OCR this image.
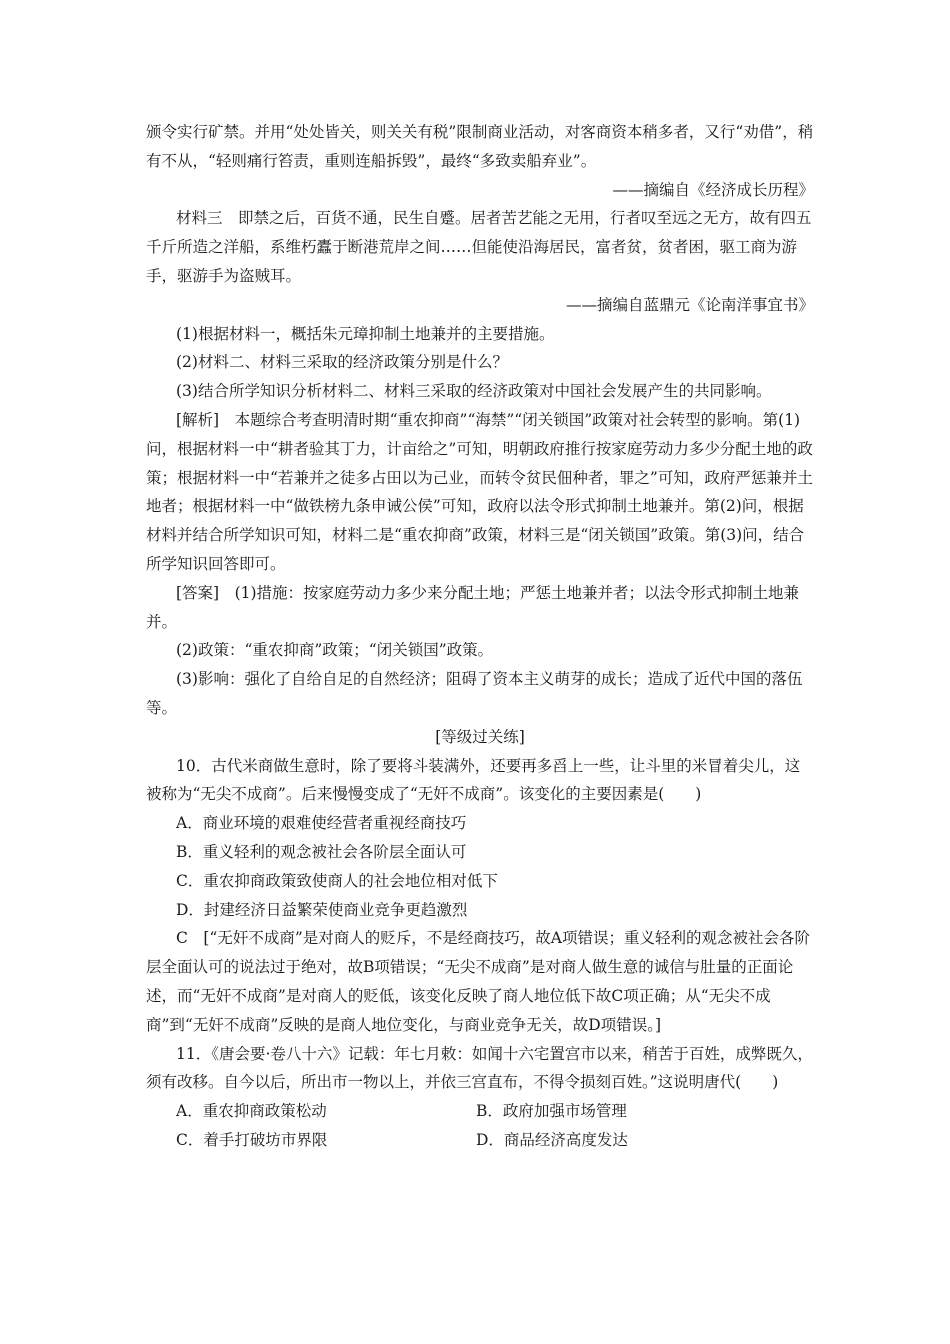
颁令实行矿禁。并用“处处皆关，则关关有税”限制商业活动，对客商资本稍多者，又行“劝借”，稍有不从，“轻则痛行笞责，重则连船拆毁”，最终“多致卖船弃业”。

——摘编自《经济成长历程》

材料三　即禁之后，百货不通，民生自蹙。居者苦艺能之无用，行者叹至远之无方，故有四五千斤所造之洋船，系维朽蠹于断港荒岸之间……但能使沿海居民，富者贫，贫者困，驱工商为游手，驱游手为盗贼耳。

——摘编自蓝鼎元《论南洋事宜书》

(1)根据材料一，概括朱元璋抑制土地兼并的主要措施。

(2)材料二、材料三采取的经济政策分别是什么？

(3)结合所学知识分析材料二、材料三采取的经济政策对中国社会发展产生的共同影响。

[解析]　本题综合考查明清时期“重农抑商”“海禁”“闭关锁国”政策对社会转型的影响。第(1)问，根据材料一中“耕者验其丁力，计亩给之”可知，明朝政府推行按家庭劳动力多少分配土地的政策；根据材料一中“若兼并之徒多占田以为己业，而转令贫民佃种者，罪之”可知，政府严惩兼并土地者；根据材料一中“做铁榜九条申诫公侯”可知，政府以法令形式抑制土地兼并。第(2)问，根据材料并结合所学知识可知，材料二是“重农抑商”政策，材料三是“闭关锁国”政策。第(3)问，结合所学知识回答即可。

[答案]　(1)措施：按家庭劳动力多少来分配土地；严惩土地兼并者；以法令形式抑制土地兼并。

(2)政策：“重农抑商”政策；“闭关锁国”政策。

(3)影响：强化了自给自足的自然经济；阻碍了资本主义萌芽的成长；造成了近代中国的落伍等。

[等级过关练]

10．古代米商做生意时，除了要将斗装满外，还要再多舀上一些，让斗里的米冒着尖儿，这被称为“无尖不成商”。后来慢慢变成了“无奸不成商”。该变化的主要因素是(　　)

A．商业环境的艰难使经营者重视经商技巧

B．重义轻利的观念被社会各阶层全面认可

C．重农抑商政策致使商人的社会地位相对低下

D．封建经济日益繁荣使商业竞争更趋激烈

C　[“无奸不成商”是对商人的贬斥，不是经商技巧，故A项错误；重义轻利的观念被社会各阶层全面认可的说法过于绝对，故B项错误；“无尖不成商”是对商人做生意的诚信与肚量的正面论述，而“无奸不成商”是对商人的贬低，该变化反映了商人地位低下故C项正确；从“无尖不成商”到“无奸不成商”反映的是商人地位变化，与商业竞争无关，故D项错误。]

11．《唐会要·卷八十六》记载：年七月敕：如闻十六宅置宫市以来，稍苦于百姓，成弊既久，须有改移。自今以后，所出市一物以上，并依三宫直布，不得令损刻百姓。”这说明唐代(　　)

A．重农抑商政策松动	B．政府加强市场管理
C．着手打破坊市界限	D．商品经济高度发达
